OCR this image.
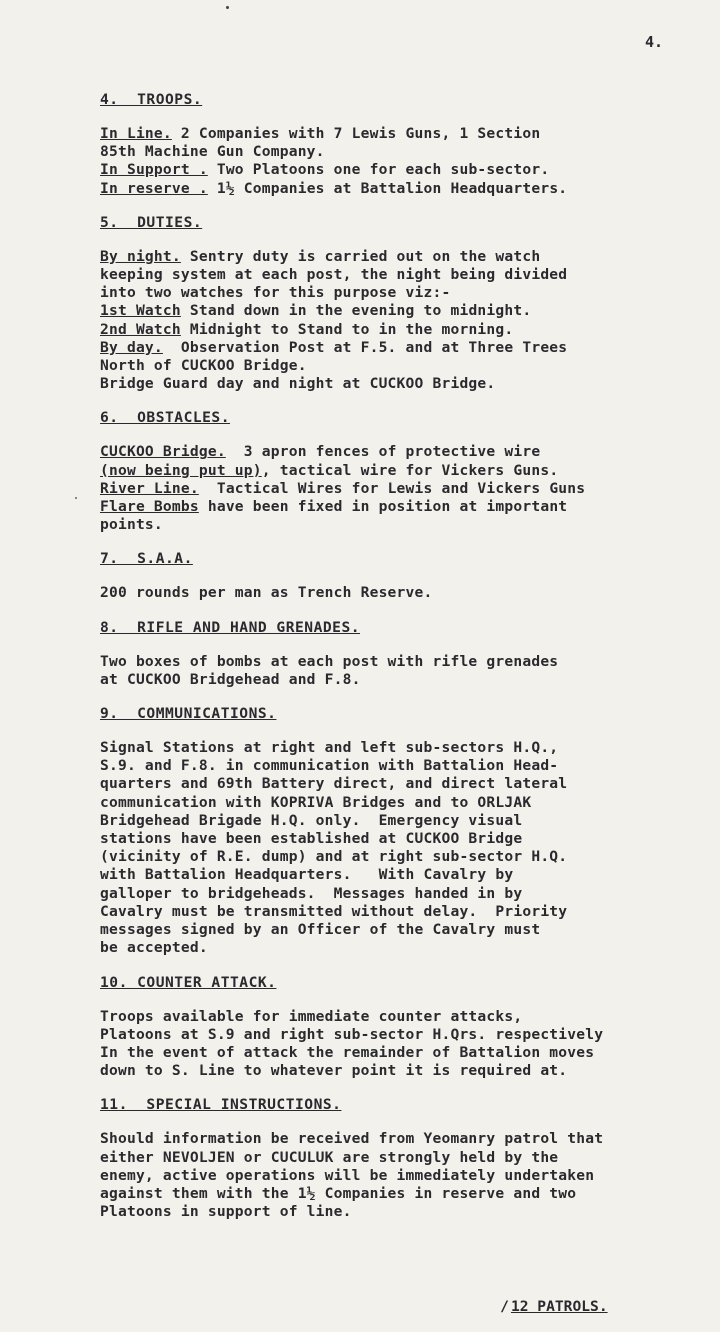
4.
4.  TROOPS.
In Line. 2 Companies with 7 Lewis Guns, 1 Section
85th Machine Gun Company.
In Support . Two Platoons one for each sub-sector.
In reserve . 1½ Companies at Battalion Headquarters.
5.  DUTIES.
By night. Sentry duty is carried out on the watch
keeping system at each post, the night being divided
into two watches for this purpose viz:-
1st Watch Stand down in the evening to midnight.
2nd Watch Midnight to Stand to in the morning.
By day.  Observation Post at F.5. and at Three Trees
North of CUCKOO Bridge.
Bridge Guard day and night at CUCKOO Bridge.
6.  OBSTACLES.
CUCKOO Bridge.  3 apron fences of protective wire
(now being put up), tactical wire for Vickers Guns.
River Line.  Tactical Wires for Lewis and Vickers Guns
Flare Bombs have been fixed in position at important
points.
7.  S.A.A.
200 rounds per man as Trench Reserve.
8.  RIFLE AND HAND GRENADES.
Two boxes of bombs at each post with rifle grenades
at CUCKOO Bridgehead and F.8.
9.  COMMUNICATIONS.
Signal Stations at right and left sub-sectors H.Q.,
S.9. and F.8. in communication with Battalion Head-
quarters and 69th Battery direct, and direct lateral
communication with KOPRIVA Bridges and to ORLJAK
Bridgehead Brigade H.Q. only.  Emergency visual
stations have been established at CUCKOO Bridge
(vicinity of R.E. dump) and at right sub-sector H.Q.
with Battalion Headquarters.   With Cavalry by
galloper to bridgeheads.  Messages handed in by
Cavalry must be transmitted without delay.  Priority
messages signed by an Officer of the Cavalry must
be accepted.
10. COUNTER ATTACK.
Troops available for immediate counter attacks,
Platoons at S.9 and right sub-sector H.Qrs. respectively
In the event of attack the remainder of Battalion moves
down to S. Line to whatever point it is required at.
11.  SPECIAL INSTRUCTIONS.
Should information be received from Yeomanry patrol that
either NEVOLJEN or CUCULUK are strongly held by the
enemy, active operations will be immediately undertaken
against them with the 1½ Companies in reserve and two
Platoons in support of line.

/ 12 PATROLS.
